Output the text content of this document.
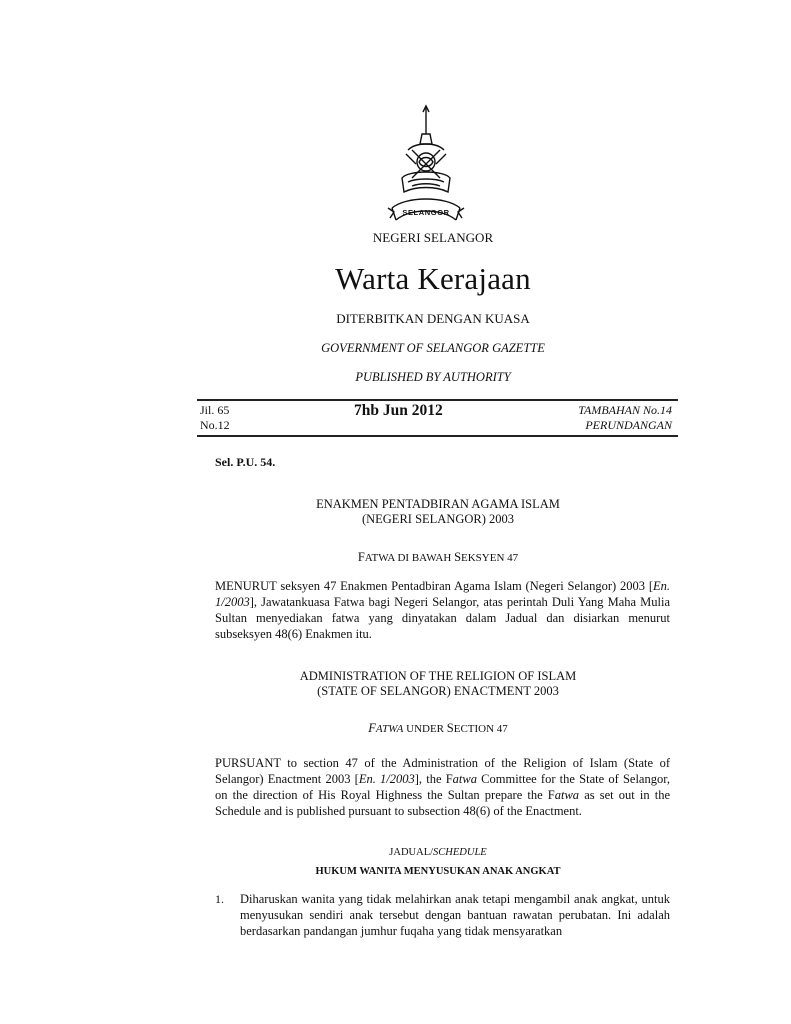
SELANGOR
NEGERI SELANGOR
Warta Kerajaan
DITERBITKAN DENGAN KUASA
GOVERNMENT OF SELANGOR GAZETTE
PUBLISHED BY AUTHORITY
Jil. 65
No.12
7hb Jun 2012	TAMBAHAN No.14
PERUNDANGAN
Sel. P.U. 54.
ENAKMEN PENTADBIRAN AGAMA ISLAM
(NEGERI SELANGOR) 2003
FATWA DI BAWAH SEKSYEN 47
MENURUT seksyen 47 Enakmen Pentadbiran Agama Islam (Negeri Selangor) 2003 [En. 1/2003], Jawatankuasa Fatwa bagi Negeri Selangor, atas perintah Duli Yang Maha Mulia Sultan menyediakan fatwa yang dinyatakan dalam Jadual dan disiarkan menurut subseksyen 48(6) Enakmen itu.
ADMINISTRATION OF THE RELIGION OF ISLAM
(STATE OF SELANGOR) ENACTMENT 2003
FATWA UNDER SECTION 47
PURSUANT to section 47 of the Administration of the Religion of Islam (State of Selangor) Enactment 2003 [En. 1/2003], the Fatwa Committee for the State of Selangor, on the direction of His Royal Highness the Sultan prepare the Fatwa as set out in the Schedule and is published pursuant to subsection 48(6) of the Enactment.
JADUAL/SCHEDULE
HUKUM WANITA MENYUSUKAN ANAK ANGKAT
1. Diharuskan wanita yang tidak melahirkan anak tetapi mengambil anak angkat, untuk menyusukan sendiri anak tersebut dengan bantuan rawatan perubatan. Ini adalah berdasarkan pandangan jumhur fuqaha yang tidak mensyaratkan
